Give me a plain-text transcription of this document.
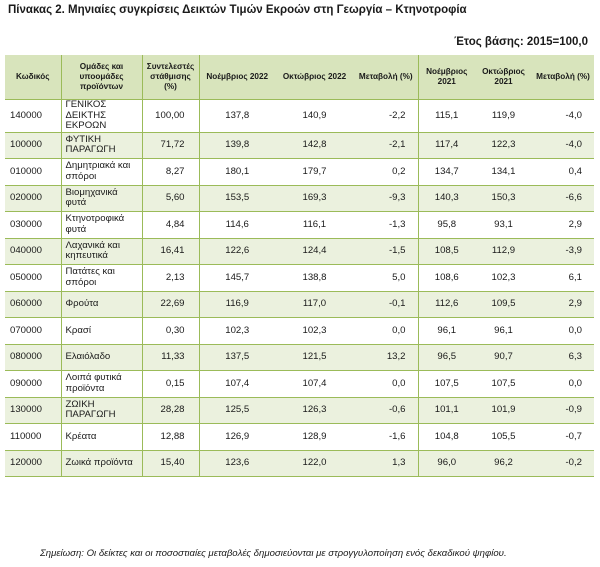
Πίνακας 2. Μηνιαίες συγκρίσεις Δεικτών Τιμών Εκροών στη Γεωργία – Κτηνοτροφία
Έτος βάσης: 2015=100,0
Κωδικός	Ομάδες και υποομάδες προϊόντων	Συντελεστές στάθμισης (%)	Νοέμβριος 2022	Οκτώβριος 2022	Μεταβολή (%)	Νοέμβριος 2021	Οκτώβριος 2021	Μεταβολή (%)
140000	ΓΕΝΙΚΟΣ ΔΕΙΚΤΗΣ ΕΚΡΟΩΝ	100,00	137,8	140,9	-2,2	115,1	119,9	-4,0
100000	ΦΥΤΙΚΗ ΠΑΡΑΓΩΓΗ	71,72	139,8	142,8	-2,1	117,4	122,3	-4,0
010000	Δημητριακά και σπόροι	8,27	180,1	179,7	0,2	134,7	134,1	0,4
020000	Βιομηχανικά φυτά	5,60	153,5	169,3	-9,3	140,3	150,3	-6,6
030000	Κτηνοτροφικά φυτά	4,84	114,6	116,1	-1,3	95,8	93,1	2,9
040000	Λαχανικά και κηπευτικά	16,41	122,6	124,4	-1,5	108,5	112,9	-3,9
050000	Πατάτες και σπόροι	2,13	145,7	138,8	5,0	108,6	102,3	6,1
060000	Φρούτα	22,69	116,9	117,0	-0,1	112,6	109,5	2,9
070000	Κρασί	0,30	102,3	102,3	0,0	96,1	96,1	0,0
080000	Ελαιόλαδο	11,33	137,5	121,5	13,2	96,5	90,7	6,3
090000	Λοιπά φυτικά προϊόντα	0,15	107,4	107,4	0,0	107,5	107,5	0,0
130000	ΖΩΙΚΗ ΠΑΡΑΓΩΓΗ	28,28	125,5	126,3	-0,6	101,1	101,9	-0,9
110000	Κρέατα	12,88	126,9	128,9	-1,6	104,8	105,5	-0,7
120000	Ζωικά προϊόντα	15,40	123,6	122,0	1,3	96,0	96,2	-0,2
Σημείωση: Οι δείκτες και οι ποσοστιαίες μεταβολές δημοσιεύονται με στρογγυλοποίηση ενός δεκαδικού ψηφίου.
